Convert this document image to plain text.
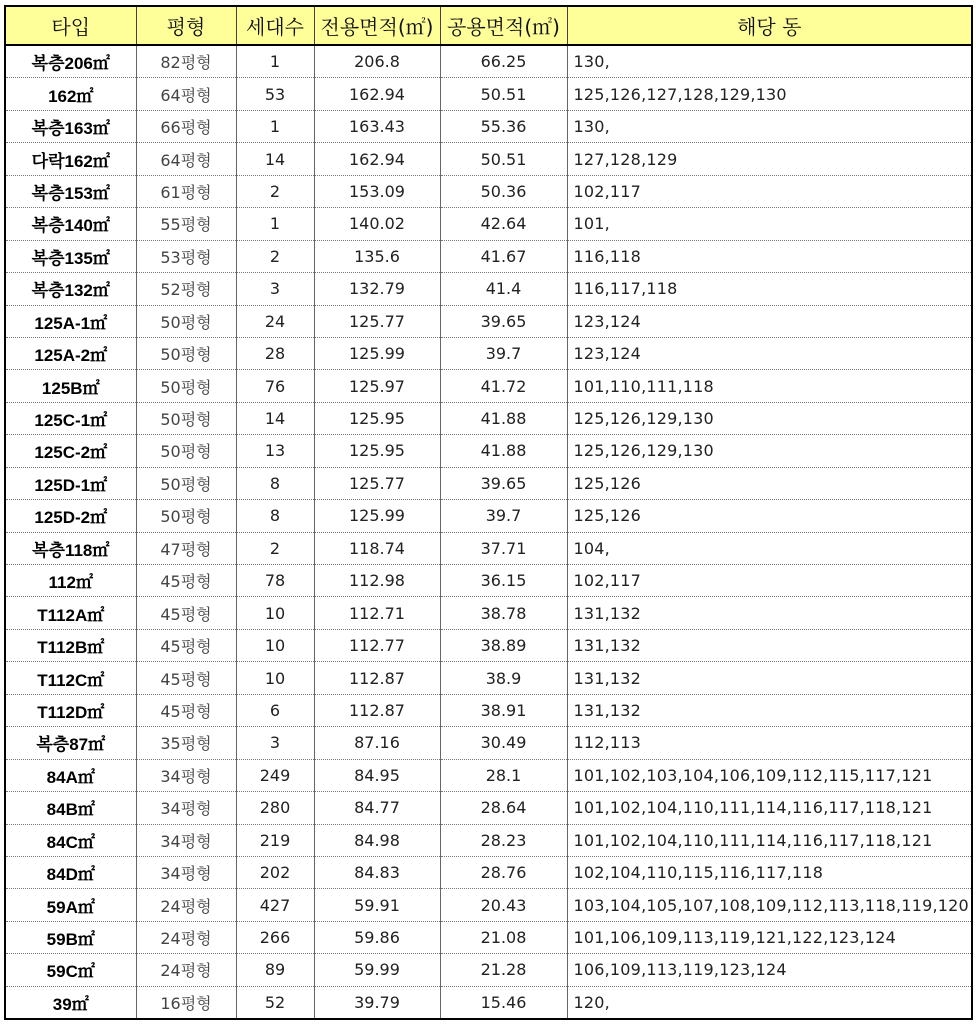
타입	평형	세대수	전용면적(㎡)	공용면적(㎡)	해당 동
복층206㎡	82평형	1	206.8	66.25	130,
162㎡	64평형	53	162.94	50.51	125,126,127,128,129,130
복층163㎡	66평형	1	163.43	55.36	130,
다락162㎡	64평형	14	162.94	50.51	127,128,129
복층153㎡	61평형	2	153.09	50.36	102,117
복층140㎡	55평형	1	140.02	42.64	101,
복층135㎡	53평형	2	135.6	41.67	116,118
복층132㎡	52평형	3	132.79	41.4	116,117,118
125A-1㎡	50평형	24	125.77	39.65	123,124
125A-2㎡	50평형	28	125.99	39.7	123,124
125B㎡	50평형	76	125.97	41.72	101,110,111,118
125C-1㎡	50평형	14	125.95	41.88	125,126,129,130
125C-2㎡	50평형	13	125.95	41.88	125,126,129,130
125D-1㎡	50평형	8	125.77	39.65	125,126
125D-2㎡	50평형	8	125.99	39.7	125,126
복층118㎡	47평형	2	118.74	37.71	104,
112㎡	45평형	78	112.98	36.15	102,117
T112A㎡	45평형	10	112.71	38.78	131,132
T112B㎡	45평형	10	112.77	38.89	131,132
T112C㎡	45평형	10	112.87	38.9	131,132
T112D㎡	45평형	6	112.87	38.91	131,132
복층87㎡	35평형	3	87.16	30.49	112,113
84A㎡	34평형	249	84.95	28.1	101,102,103,104,106,109,112,115,117,121
84B㎡	34평형	280	84.77	28.64	101,102,104,110,111,114,116,117,118,121
84C㎡	34평형	219	84.98	28.23	101,102,104,110,111,114,116,117,118,121
84D㎡	34평형	202	84.83	28.76	102,104,110,115,116,117,118
59A㎡	24평형	427	59.91	20.43	103,104,105,107,108,109,112,113,118,119,120
59B㎡	24평형	266	59.86	21.08	101,106,109,113,119,121,122,123,124
59C㎡	24평형	89	59.99	21.28	106,109,113,119,123,124
39㎡	16평형	52	39.79	15.46	120,
